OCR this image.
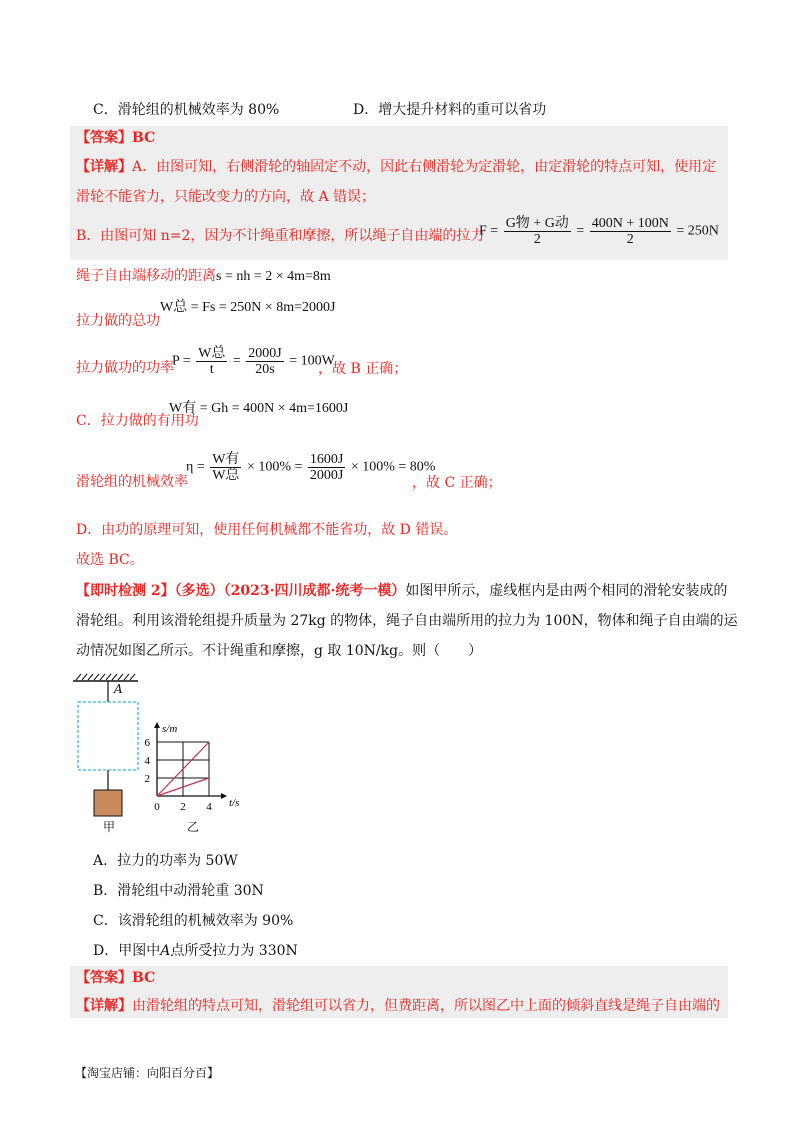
C．滑轮组的机械效率为 80%	D．增大提升材料的重可以省功
【答案】BC
【详解】A．由图可知，右侧滑轮的轴固定不动，因此右侧滑轮为定滑轮，由定滑轮的特点可知，使用定
滑轮不能省力，只能改变力的方向，故 A 错误；
B．由图可知 n=2，因为不计绳重和摩擦，所以绳子自由端的拉力
$F = \frac{\text{G物 + G动}}{2} = \frac{400N + 100N}{2} = 250N$
绳子自由端移动的距离s = nh = 2 × 4m=8m
W总 = Fs = 250N × 8m=2000J
拉力做的总功
拉力做功的功率
$P = \frac{\text{W总}}{t} = \frac{2000J}{20s} = 100W$
，故 B 正确；
W有 = Gh = 400N × 4m=1600J
C．拉力做的有用功
滑轮组的机械效率
$\eta = \frac{\text{W有}}{\text{W总}} \times 100\% = \frac{1600J}{2000J} \times 100\% = 80\%$
，故 C 正确；
D．由功的原理可知，使用任何机械都不能省功，故 D 错误。
故选 BC。
【即时检测 2】（多选）（2023·四川成都·统考一模）如图甲所示，虚线框内是由两个相同的滑轮安装成的
滑轮组。利用该滑轮组提升质量为 27kg 的物体，绳子自由端所用的拉力为 100N，物体和绳子自由端的运
动情况如图乙所示。不计绳重和摩擦，g 取 10N/kg。则（　　）
A
甲	乙
2
4
6
0 2 4
s/m
t/s
A．拉力的功率为 50W
B．滑轮组中动滑轮重 30N
C．该滑轮组的机械效率为 90%
D．甲图中A点所受拉力为 330N
【答案】BC
【详解】由滑轮组的特点可知，滑轮组可以省力，但费距离，所以图乙中上面的倾斜直线是绳子自由端的
【淘宝店铺：向阳百分百】
